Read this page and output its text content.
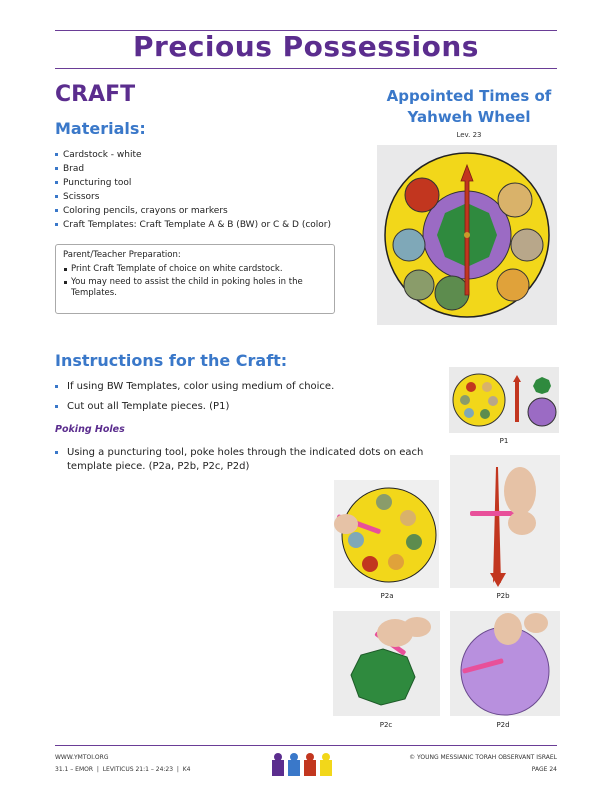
Precious Possessions
CRAFT
Materials:
Cardstock - white
Brad
Puncturing tool
Scissors
Coloring pencils, crayons or markers
Craft Templates: Craft Template A & B (BW) or C & D (color)
Parent/Teacher Preparation:
Print Craft Template of choice on white cardstock.
You may need to assist the child in poking holes in the Templates.
Appointed Times of
Yahweh Wheel
Lev. 23
Instructions for the Craft:
If using BW Templates, color using medium of choice.
Cut out all Template pieces. (P1)
Poking Holes
Using a puncturing tool, poke holes through the indicated dots on each template piece. (P2a, P2b, P2c, P2d)
P1
P2a	P2b
P2c	P2d
WWW.YMTOI.ORG
31.1 – EMOR  |  LEVITICUS 21:1 – 24:23  |  K4
© YOUNG MESSIANIC TORAH OBSERVANT ISRAEL
PAGE 24
